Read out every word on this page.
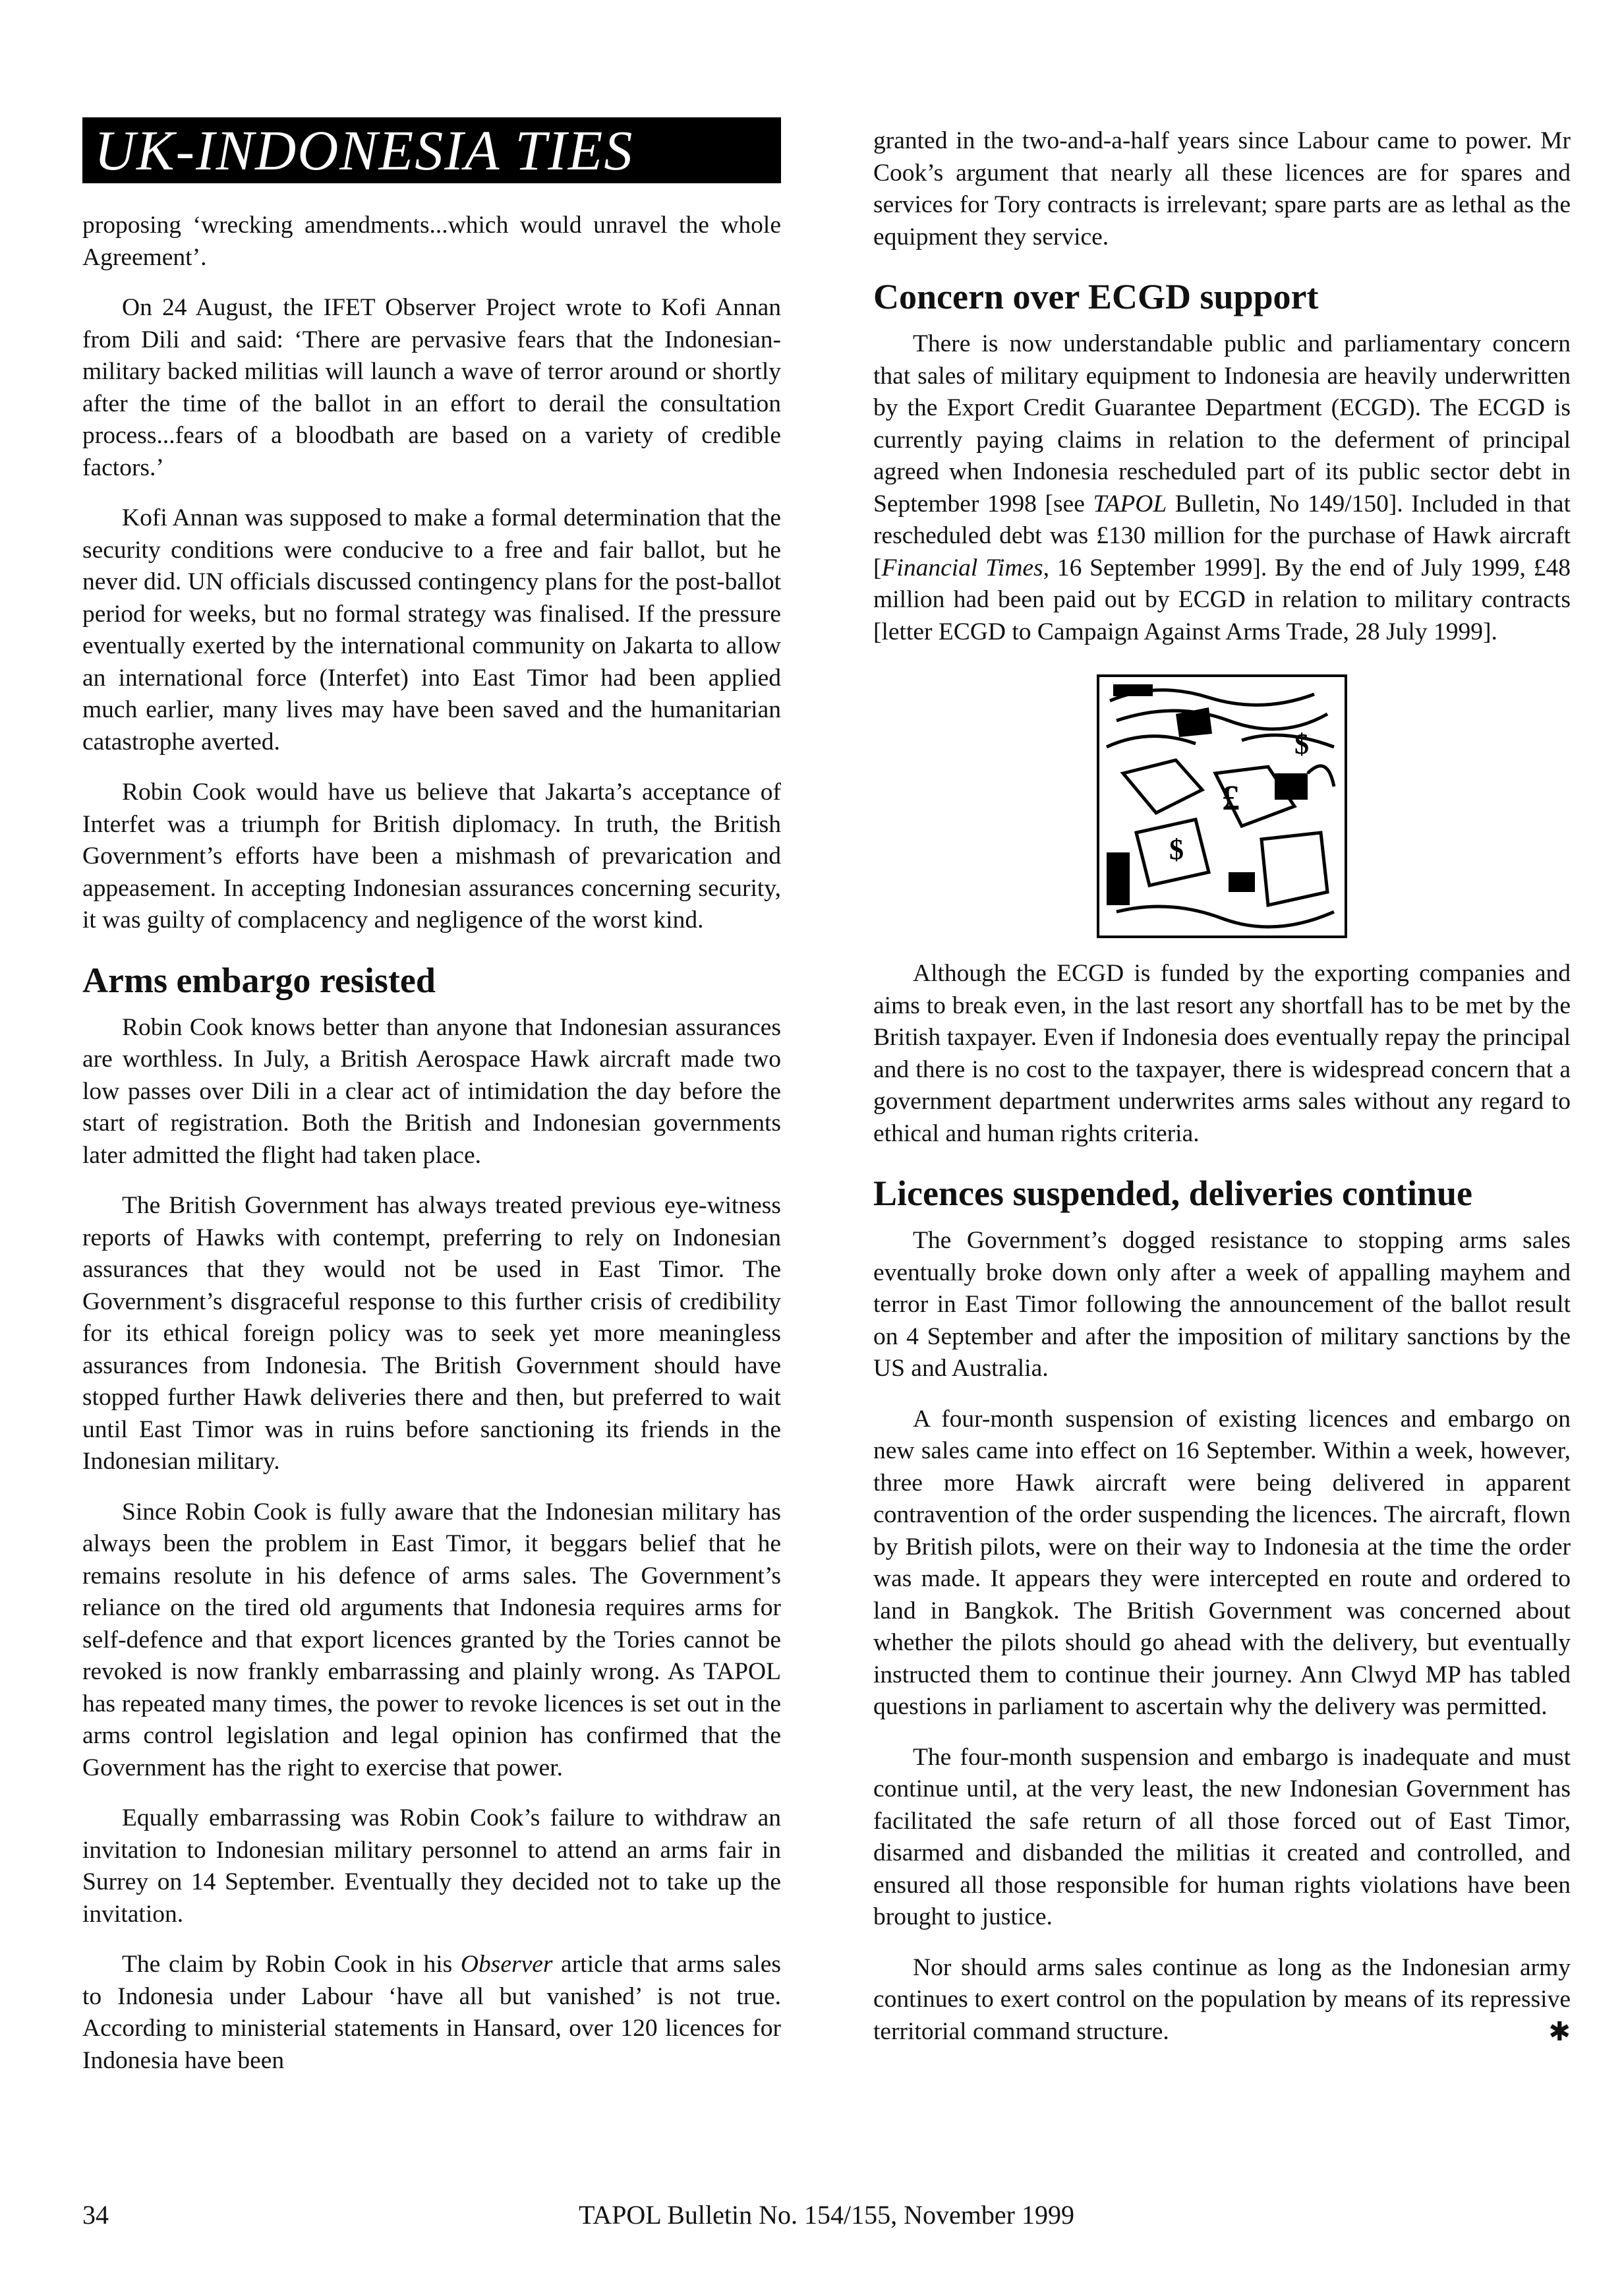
UK-INDONESIA TIES

proposing ‘wrecking amendments...which would unravel the whole Agreement’.

On 24 August, the IFET Observer Project wrote to Kofi Annan from Dili and said: ‘There are pervasive fears that the Indonesian-military backed militias will launch a wave of terror around or shortly after the time of the ballot in an effort to derail the consultation process...fears of a bloodbath are based on a variety of credible factors.’

Kofi Annan was supposed to make a formal determination that the security conditions were conducive to a free and fair ballot, but he never did. UN officials discussed contingency plans for the post-ballot period for weeks, but no formal strategy was finalised. If the pressure eventually exerted by the international community on Jakarta to allow an international force (Interfet) into East Timor had been applied much earlier, many lives may have been saved and the humanitarian catastrophe averted.

Robin Cook would have us believe that Jakarta’s acceptance of Interfet was a triumph for British diplomacy. In truth, the British Government’s efforts have been a mishmash of prevarication and appeasement. In accepting Indonesian assurances concerning security, it was guilty of complacency and negligence of the worst kind.

Arms embargo resisted

Robin Cook knows better than anyone that Indonesian assurances are worthless. In July, a British Aerospace Hawk aircraft made two low passes over Dili in a clear act of intimidation the day before the start of registration. Both the British and Indonesian governments later admitted the flight had taken place.

The British Government has always treated previous eye-witness reports of Hawks with contempt, preferring to rely on Indonesian assurances that they would not be used in East Timor. The Government’s disgraceful response to this further crisis of credibility for its ethical foreign policy was to seek yet more meaningless assurances from Indonesia. The British Government should have stopped further Hawk deliveries there and then, but preferred to wait until East Timor was in ruins before sanctioning its friends in the Indonesian military.

Since Robin Cook is fully aware that the Indonesian military has always been the problem in East Timor, it beggars belief that he remains resolute in his defence of arms sales. The Government’s reliance on the tired old arguments that Indonesia requires arms for self-defence and that export licences granted by the Tories cannot be revoked is now frankly embarrassing and plainly wrong. As TAPOL has repeated many times, the power to revoke licences is set out in the arms control legislation and legal opinion has confirmed that the Government has the right to exercise that power.

Equally embarrassing was Robin Cook’s failure to withdraw an invitation to Indonesian military personnel to attend an arms fair in Surrey on 14 September. Eventually they decided not to take up the invitation.

The claim by Robin Cook in his Observer article that arms sales to Indonesia under Labour ‘have all but vanished’ is not true. According to ministerial statements in Hansard, over 120 licences for Indonesia have been

granted in the two-and-a-half years since Labour came to power. Mr Cook’s argument that nearly all these licences are for spares and services for Tory contracts is irrelevant; spare parts are as lethal as the equipment they service.

Concern over ECGD support

There is now understandable public and parliamentary concern that sales of military equipment to Indonesia are heavily underwritten by the Export Credit Guarantee Department (ECGD). The ECGD is currently paying claims in relation to the deferment of principal agreed when Indonesia rescheduled part of its public sector debt in September 1998 [see TAPOL Bulletin, No 149/150]. Included in that rescheduled debt was £130 million for the purchase of Hawk aircraft [Financial Times, 16 September 1999]. By the end of July 1999, £48 million had been paid out by ECGD in relation to military contracts [letter ECGD to Campaign Against Arms Trade, 28 July 1999].

£
$
$

Although the ECGD is funded by the exporting companies and aims to break even, in the last resort any shortfall has to be met by the British taxpayer. Even if Indonesia does eventually repay the principal and there is no cost to the taxpayer, there is widespread concern that a government department underwrites arms sales without any regard to ethical and human rights criteria.

Licences suspended, deliveries continue

The Government’s dogged resistance to stopping arms sales eventually broke down only after a week of appalling mayhem and terror in East Timor following the announcement of the ballot result on 4 September and after the imposition of military sanctions by the US and Australia.

A four-month suspension of existing licences and embargo on new sales came into effect on 16 September. Within a week, however, three more Hawk aircraft were being delivered in apparent contravention of the order suspending the licences. The aircraft, flown by British pilots, were on their way to Indonesia at the time the order was made. It appears they were intercepted en route and ordered to land in Bangkok. The British Government was concerned about whether the pilots should go ahead with the delivery, but eventually instructed them to continue their journey. Ann Clwyd MP has tabled questions in parliament to ascertain why the delivery was permitted.

The four-month suspension and embargo is inadequate and must continue until, at the very least, the new Indonesian Government has facilitated the safe return of all those forced out of East Timor, disarmed and disbanded the militias it created and controlled, and ensured all those responsible for human rights violations have been brought to justice.

Nor should arms sales continue as long as the Indonesian army continues to exert control on the population by means of its repressive territorial command structure.	✱

34	TAPOL Bulletin No. 154/155, November 1999
